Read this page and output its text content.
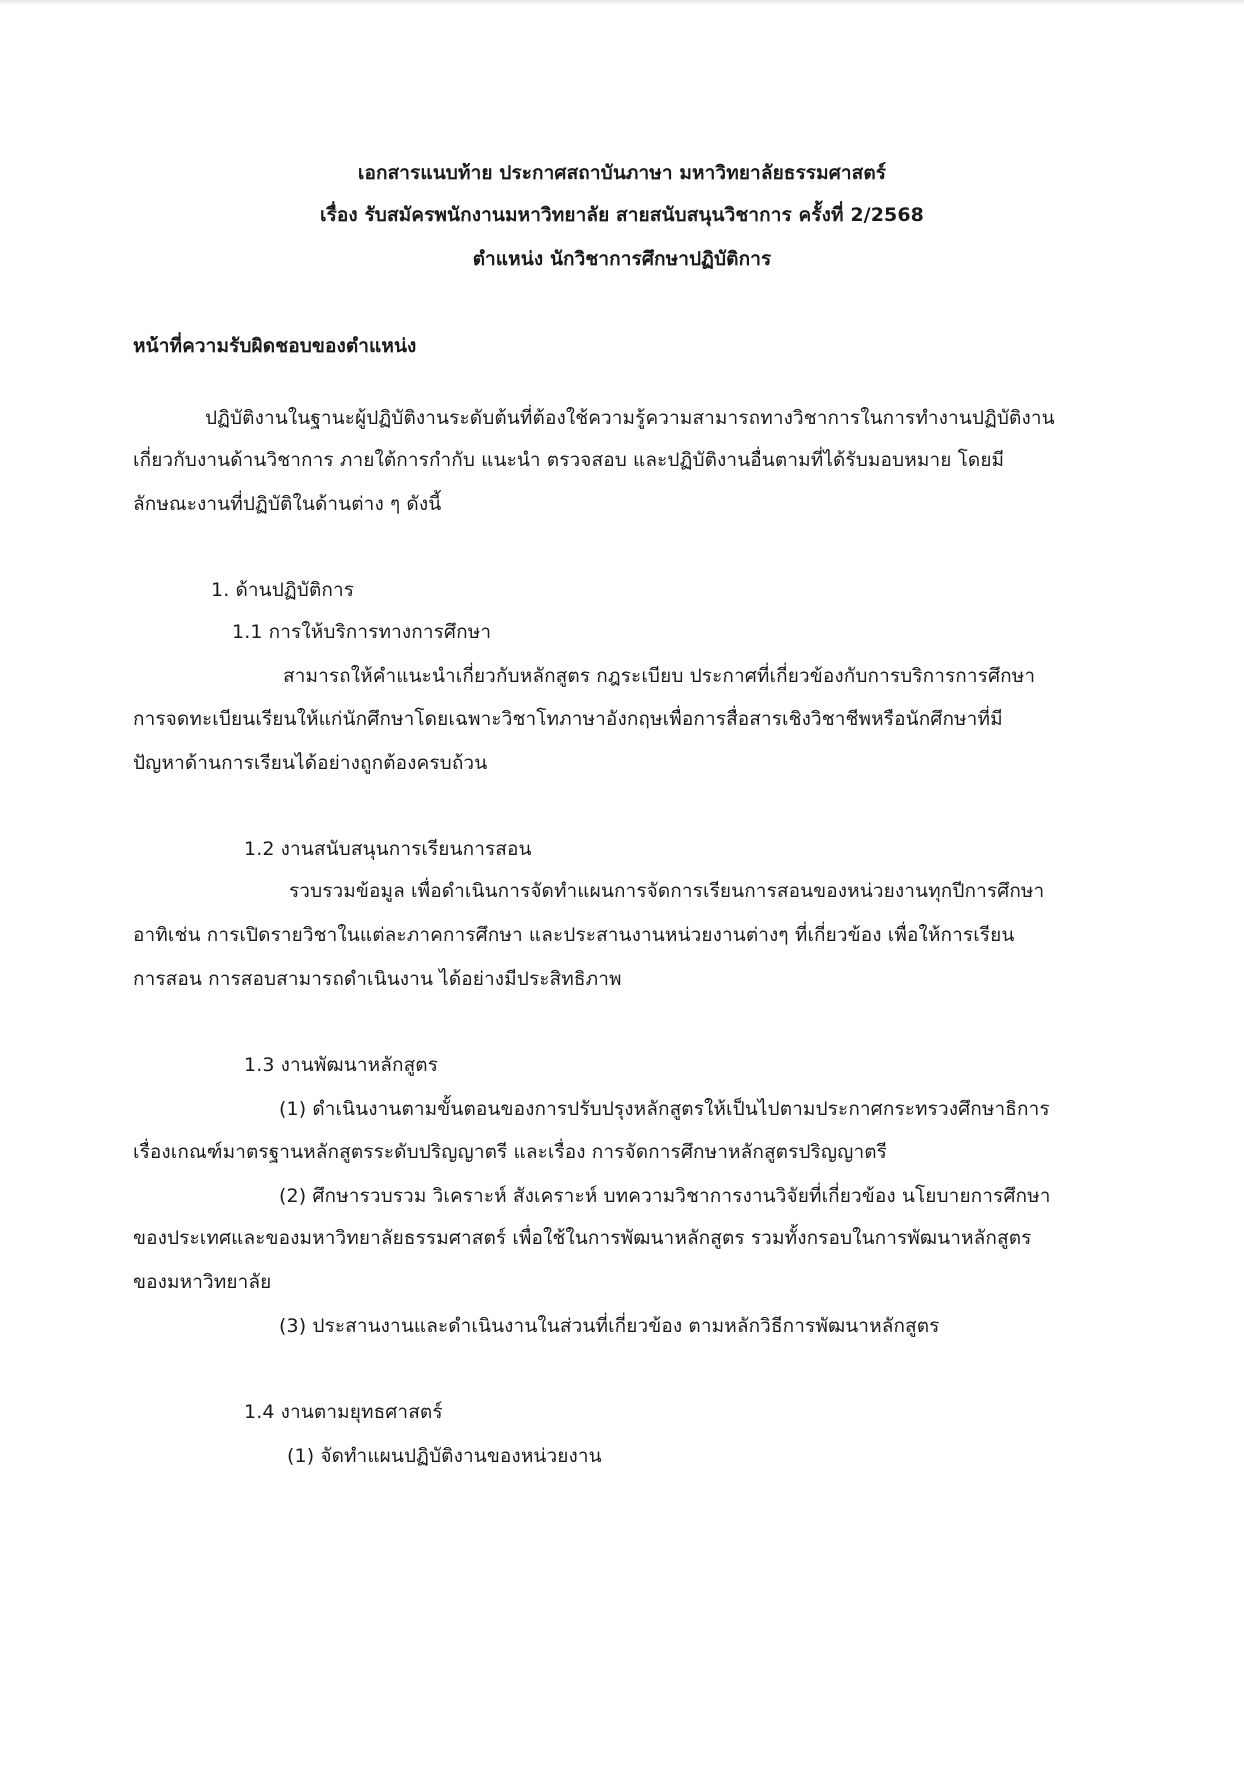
เอกสารแนบท้าย ประกาศสถาบันภาษา มหาวิทยาลัยธรรมศาสตร์
เรื่อง รับสมัครพนักงานมหาวิทยาลัย สายสนับสนุนวิชาการ ครั้งที่ 2/2568
ตำแหน่ง นักวิชาการศึกษาปฏิบัติการ
หน้าที่ความรับผิดชอบของตำแหน่ง
ปฏิบัติงานในฐานะผู้ปฏิบัติงานระดับต้นที่ต้องใช้ความรู้ความสามารถทางวิชาการในการทำงานปฏิบัติงาน
เกี่ยวกับงานด้านวิชาการ ภายใต้การกำกับ แนะนำ ตรวจสอบ และปฏิบัติงานอื่นตามที่ได้รับมอบหมาย โดยมี
ลักษณะงานที่ปฏิบัติในด้านต่าง ๆ ดังนี้
1. ด้านปฏิบัติการ
1.1 การให้บริการทางการศึกษา
สามารถให้คำแนะนำเกี่ยวกับหลักสูตร กฎระเบียบ ประกาศที่เกี่ยวข้องกับการบริการการศึกษา
การจดทะเบียนเรียนให้แก่นักศึกษาโดยเฉพาะวิชาโทภาษาอังกฤษเพื่อการสื่อสารเชิงวิชาชีพหรือนักศึกษาที่มี
ปัญหาด้านการเรียนได้อย่างถูกต้องครบถ้วน
1.2 งานสนับสนุนการเรียนการสอน
รวบรวมข้อมูล เพื่อดำเนินการจัดทำแผนการจัดการเรียนการสอนของหน่วยงานทุกปีการศึกษา
อาทิเช่น การเปิดรายวิชาในแต่ละภาคการศึกษา และประสานงานหน่วยงานต่างๆ ที่เกี่ยวข้อง เพื่อให้การเรียน
การสอน การสอบสามารถดำเนินงาน ได้อย่างมีประสิทธิภาพ
1.3 งานพัฒนาหลักสูตร
(1) ดำเนินงานตามขั้นตอนของการปรับปรุงหลักสูตรให้เป็นไปตามประกาศกระทรวงศึกษาธิการ
เรื่องเกณฑ์มาตรฐานหลักสูตรระดับปริญญาตรี และเรื่อง การจัดการศึกษาหลักสูตรปริญญาตรี
(2) ศึกษารวบรวม วิเคราะห์ สังเคราะห์ บทความวิชาการงานวิจัยที่เกี่ยวข้อง นโยบายการศึกษา
ของประเทศและของมหาวิทยาลัยธรรมศาสตร์ เพื่อใช้ในการพัฒนาหลักสูตร รวมทั้งกรอบในการพัฒนาหลักสูตร
ของมหาวิทยาลัย
(3) ประสานงานและดำเนินงานในส่วนที่เกี่ยวข้อง ตามหลักวิธีการพัฒนาหลักสูตร
1.4 งานตามยุทธศาสตร์
(1) จัดทำแผนปฏิบัติงานของหน่วยงาน
